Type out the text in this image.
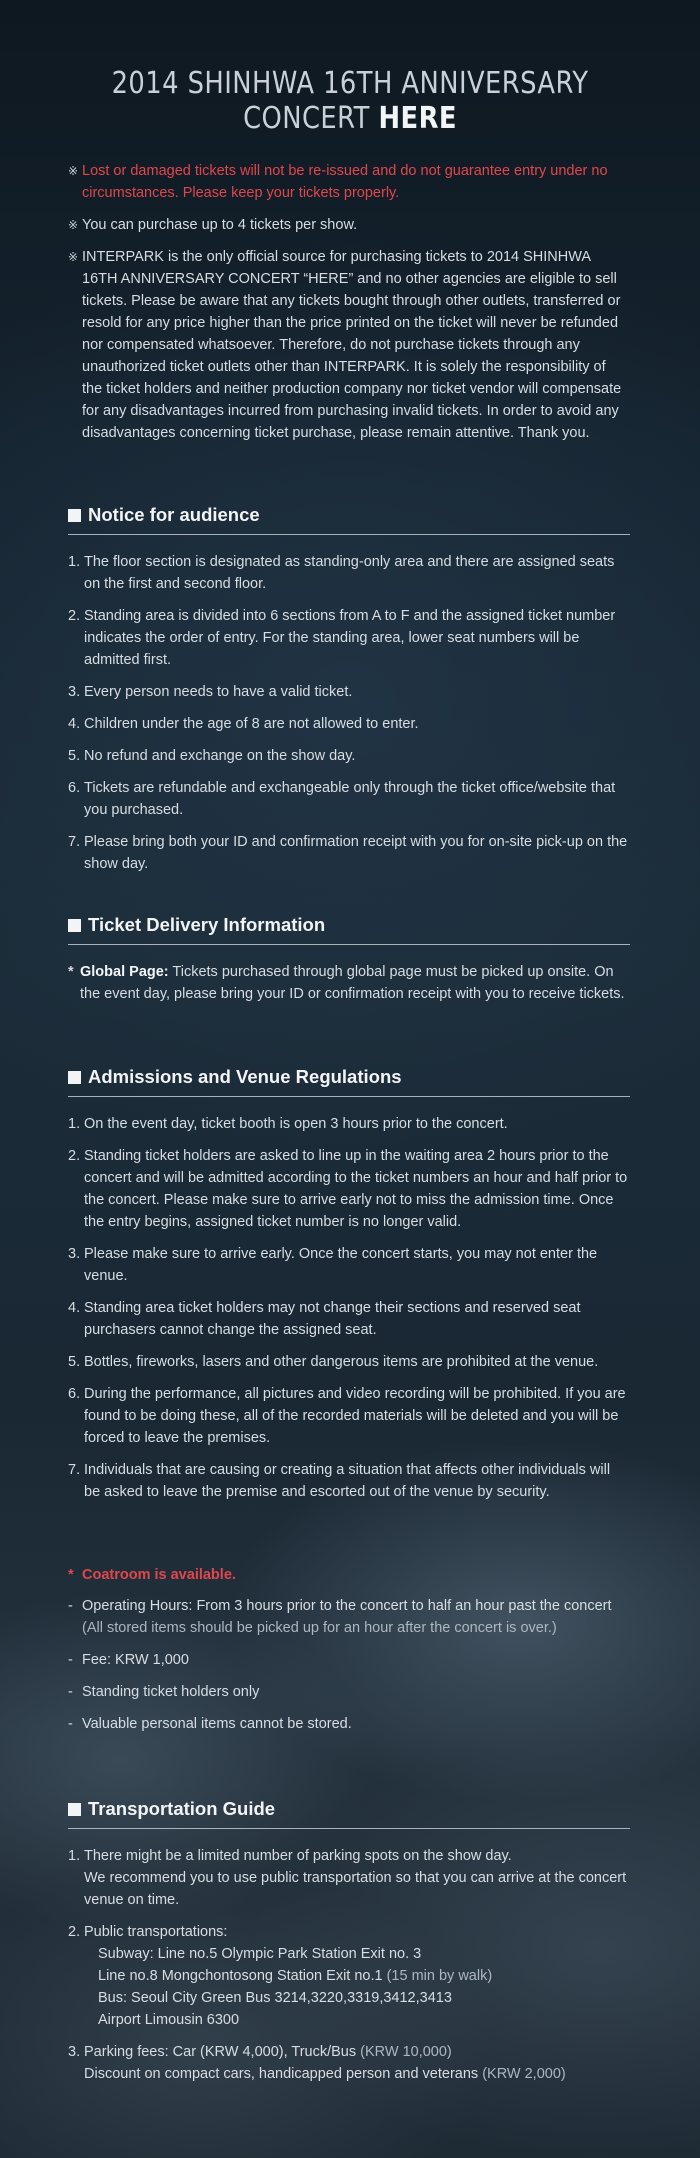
2014 SHINHWA 16TH ANNIVERSARY CONCERT HERE
※ Lost or damaged tickets will not be re-issued and do not guarantee entry under no circumstances. Please keep your tickets properly.
※ You can purchase up to 4 tickets per show.
※ INTERPARK is the only official source for purchasing tickets to 2014 SHINHWA 16TH ANNIVERSARY CONCERT “HERE” and no other agencies are eligible to sell tickets. Please be aware that any tickets bought through other outlets, transferred or resold for any price higher than the price printed on the ticket will never be refunded nor compensated whatsoever. Therefore, do not purchase tickets through any unauthorized ticket outlets other than INTERPARK. It is solely the responsibility of the ticket holders and neither production company nor ticket vendor will compensate for any disadvantages incurred from purchasing invalid tickets. In order to avoid any disadvantages concerning ticket purchase, please remain attentive. Thank you.
Notice for audience
1. The floor section is designated as standing-only area and there are assigned seats on the first and second floor.
2. Standing area is divided into 6 sections from A to F and the assigned ticket number indicates the order of entry. For the standing area, lower seat numbers will be admitted first.
3. Every person needs to have a valid ticket.
4. Children under the age of 8 are not allowed to enter.
5. No refund and exchange on the show day.
6. Tickets are refundable and exchangeable only through the ticket office/website that you purchased.
7. Please bring both your ID and confirmation receipt with you for on-site pick-up on the show day.
Ticket Delivery Information
* Global Page: Tickets purchased through global page must be picked up onsite. On the event day, please bring your ID or confirmation receipt with you to receive tickets.
Admissions and Venue Regulations
1. On the event day, ticket booth is open 3 hours prior to the concert.
2. Standing ticket holders are asked to line up in the waiting area 2 hours prior to the concert and will be admitted according to the ticket numbers an hour and half prior to the concert. Please make sure to arrive early not to miss the admission time. Once the entry begins, assigned ticket number is no longer valid.
3. Please make sure to arrive early. Once the concert starts, you may not enter the venue.
4. Standing area ticket holders may not change their sections and reserved seat purchasers cannot change the assigned seat.
5. Bottles, fireworks, lasers and other dangerous items are prohibited at the venue.
6. During the performance, all pictures and video recording will be prohibited. If you are found to be doing these, all of the recorded materials will be deleted and you will be forced to leave the premises.
7. Individuals that are causing or creating a situation that affects other individuals will be asked to leave the premise and escorted out of the venue by security.
* Coatroom is available.
- Operating Hours: From 3 hours prior to the concert to half an hour past the concert
(All stored items should be picked up for an hour after the concert is over.)
- Fee: KRW 1,000
- Standing ticket holders only
- Valuable personal items cannot be stored.
Transportation Guide
1. There might be a limited number of parking spots on the show day.
We recommend you to use public transportation so that you can arrive at the concert venue on time.
2. Public transportations:
Subway: Line no.5 Olympic Park Station Exit no. 3
Line no.8 Mongchontosong Station Exit no.1 (15 min by walk)
Bus: Seoul City Green Bus 3214,3220,3319,3412,3413
Airport Limousin 6300
3. Parking fees: Car (KRW 4,000), Truck/Bus (KRW 10,000)
Discount on compact cars, handicapped person and veterans (KRW 2,000)
